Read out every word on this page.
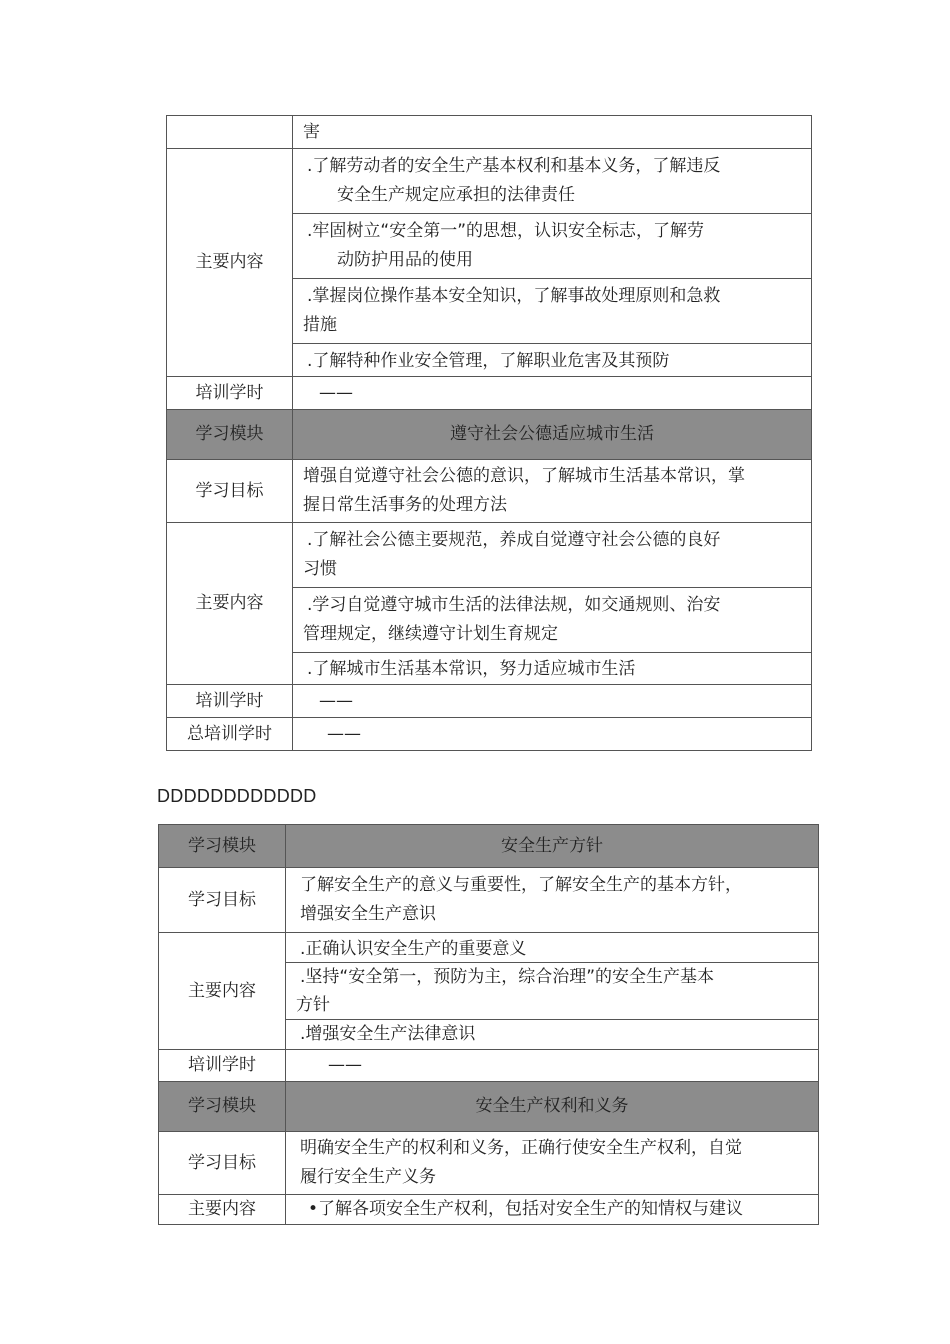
	害
主要内容	.了解劳动者的安全生产基本权利和基本义务，了解违反
安全生产规定应承担的法律责任

	.牢固树立“安全第一”的思想，认识安全标志，了解劳
动防护用品的使用

	.掌握岗位操作基本安全知识，了解事故处理原则和急救
措施

	.了解特种作业安全管理，了解职业危害及其预防
培训学时	——
学习模块	遵守社会公德适应城市生活
学习目标	增强自觉遵守社会公德的意识，了解城市生活基本常识，掌
握日常生活事务的处理方法

主要内容	.了解社会公德主要规范，养成自觉遵守社会公德的良好
习惯

	.学习自觉遵守城市生活的法律法规，如交通规则、治安
管理规定，继续遵守计划生育规定

	.了解城市生活基本常识，努力适应城市生活
培训学时	——
总培训学时	——
DDDDDDDDDDDD
学习模块	安全生产方针
学习目标	了解安全生产的意义与重要性，了解安全生产的基本方针，
增强安全生产意识

主要内容	.正确认识安全生产的重要意义

	.坚持“安全第一，预防为主，综合治理”的安全生产基本
方针

	.增强安全生产法律意识
培训学时	——
学习模块	安全生产权利和义务
学习目标	明确安全生产的权利和义务，正确行使安全生产权利，自觉
履行安全生产义务

主要内容	•了解各项安全生产权利，包括对安全生产的知情权与建议
